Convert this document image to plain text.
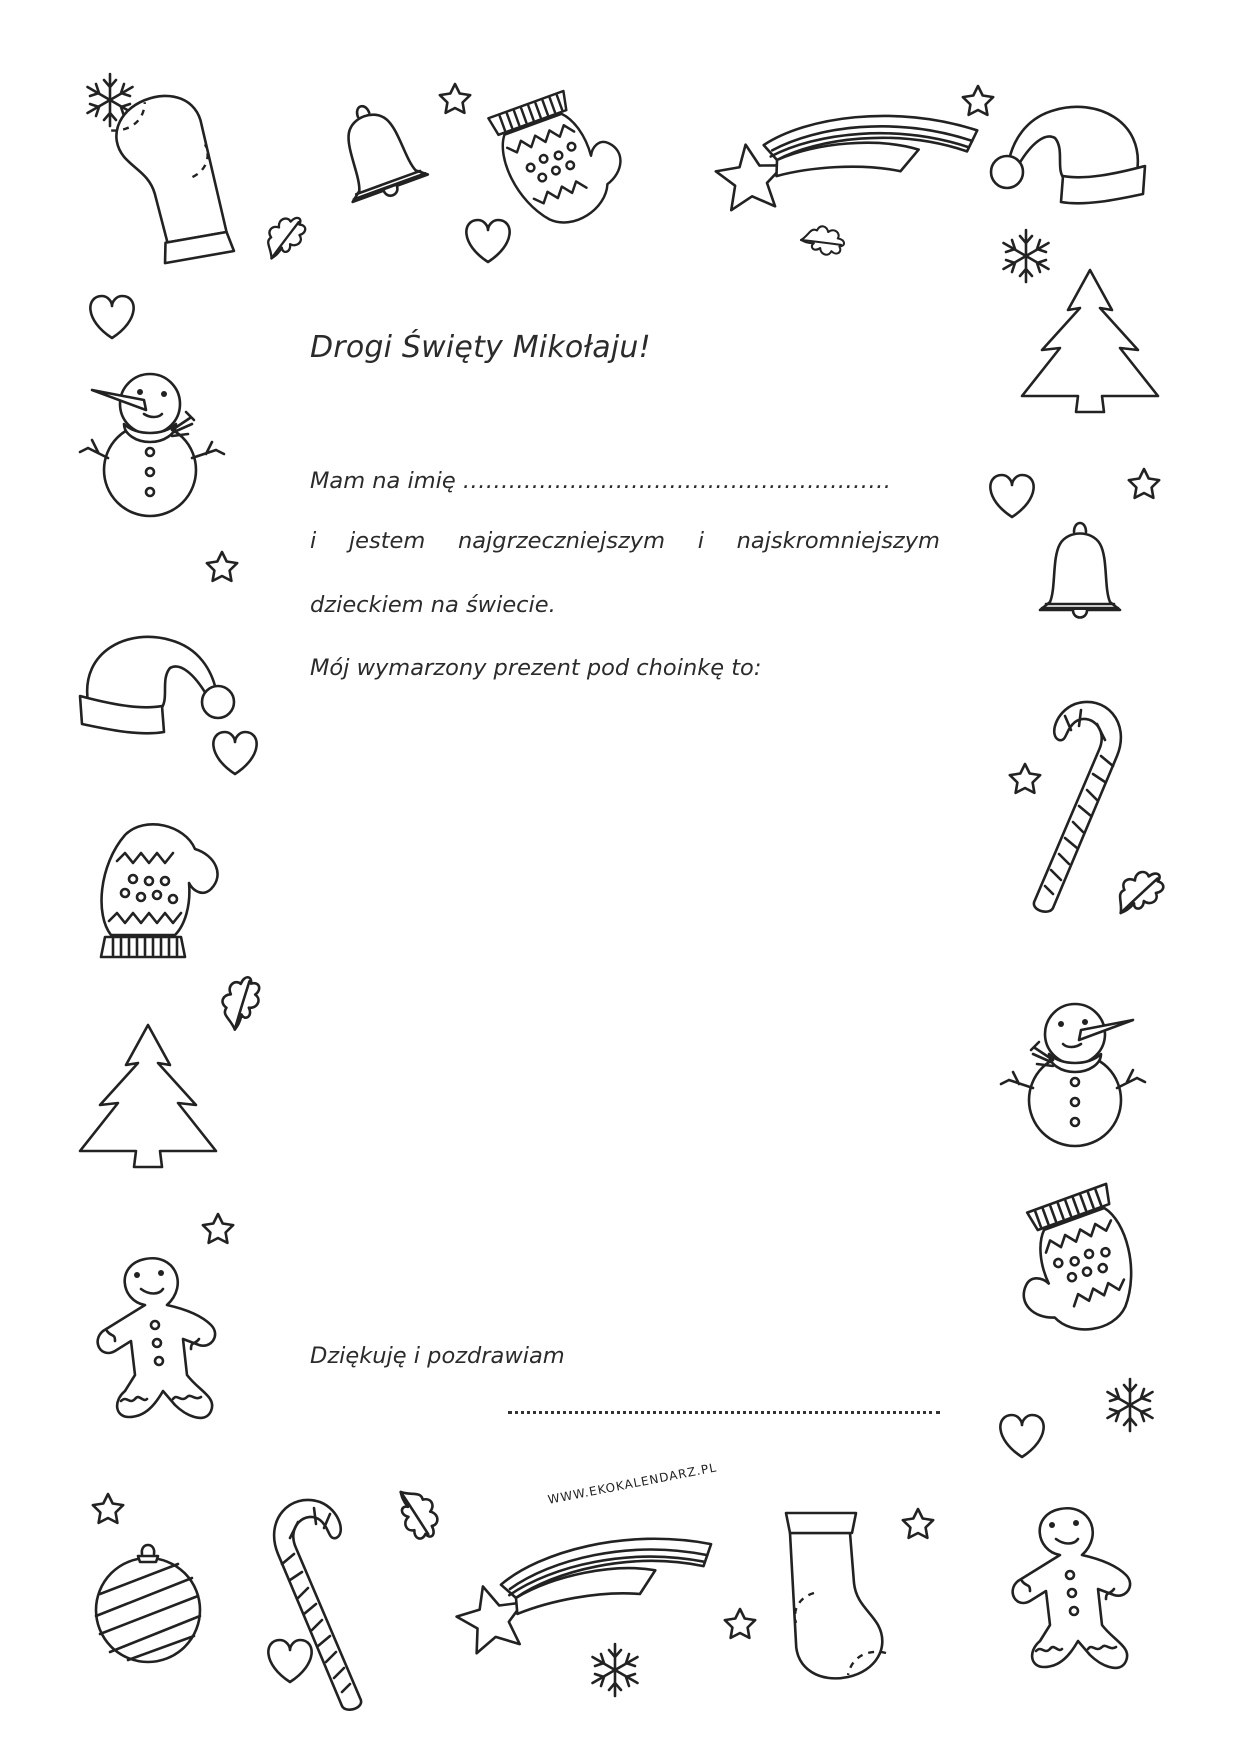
Drogi Święty Mikołaju!
Mam na imię ........................................................
i jestem najgrzeczniejszym i najskromniejszym
dzieckiem na świecie.
Mój wymarzony prezent pod choinkę to:
Dziękuję i pozdrawiam
WWW.EKOKALENDARZ.PL
